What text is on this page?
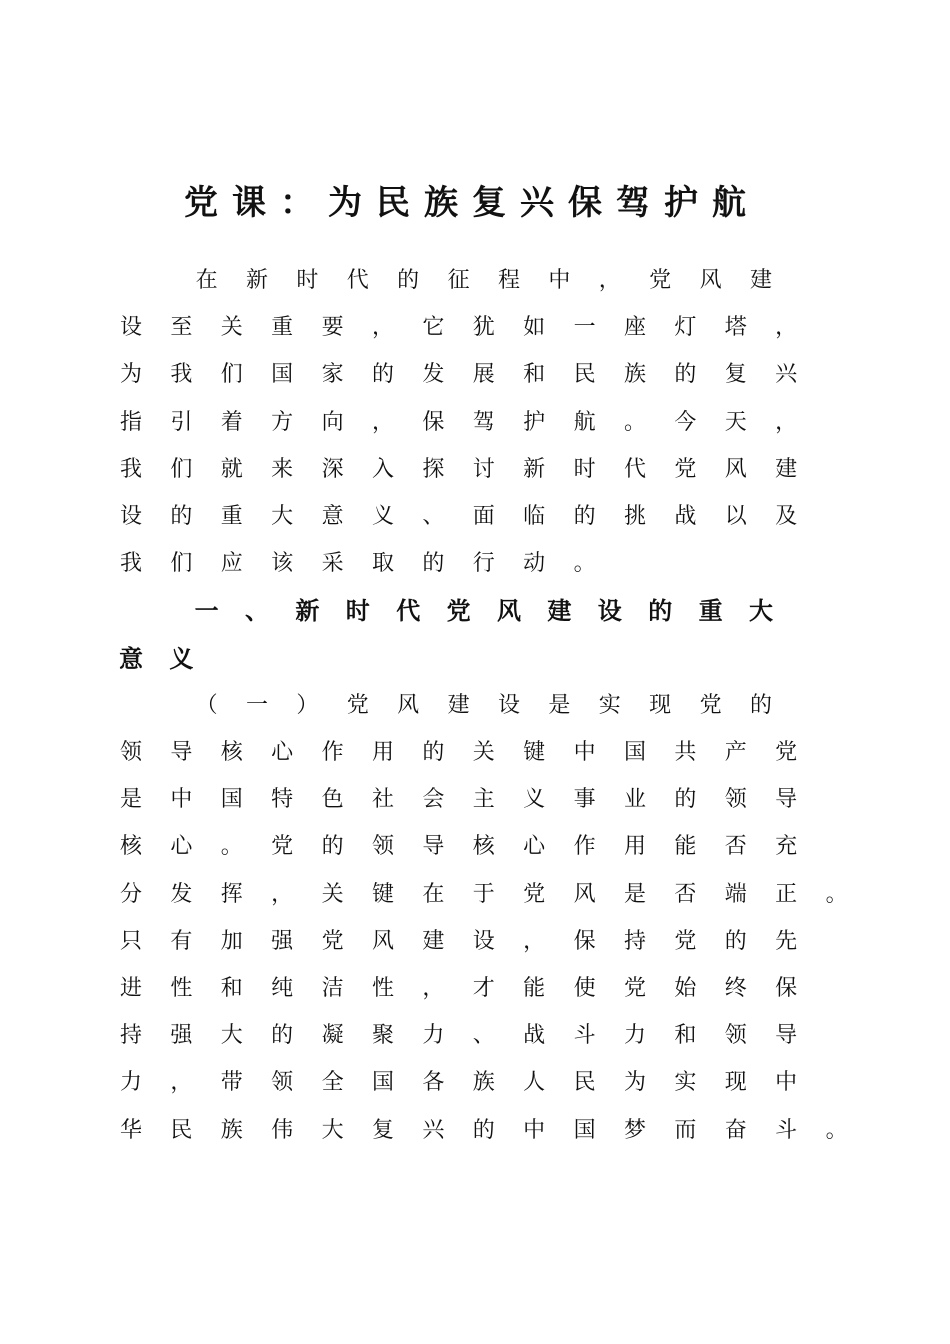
党 课 ： 为 民 族 复 兴 保 驾 护 航
在 新 时 代 的 征 程 中 ， 党 风 建
设 至 关 重 要 ， 它 犹 如 一 座 灯 塔 ，
为 我 们 国 家 的 发 展 和 民 族 的 复 兴
指 引 着 方 向 ， 保 驾 护 航 。 今 天 ，
我 们 就 来 深 入 探 讨 新 时 代 党 风 建
设 的 重 大 意 义 、 面 临 的 挑 战 以 及
我 们 应 该 采 取 的 行 动 。
一 、 新 时 代 党 风 建 设 的 重 大
意 义
（ 一 ） 党 风 建 设 是 实 现 党 的
领 导 核 心 作 用 的 关 键 中 国 共 产 党
是 中 国 特 色 社 会 主 义 事 业 的 领 导
核 心 。 党 的 领 导 核 心 作 用 能 否 充
分 发 挥 ， 关 键 在 于 党 风 是 否 端 正 。
只 有 加 强 党 风 建 设 ， 保 持 党 的 先
进 性 和 纯 洁 性 ， 才 能 使 党 始 终 保
持 强 大 的 凝 聚 力 、 战 斗 力 和 领 导
力 ， 带 领 全 国 各 族 人 民 为 实 现 中
华 民 族 伟 大 复 兴 的 中 国 梦 而 奋 斗 。
